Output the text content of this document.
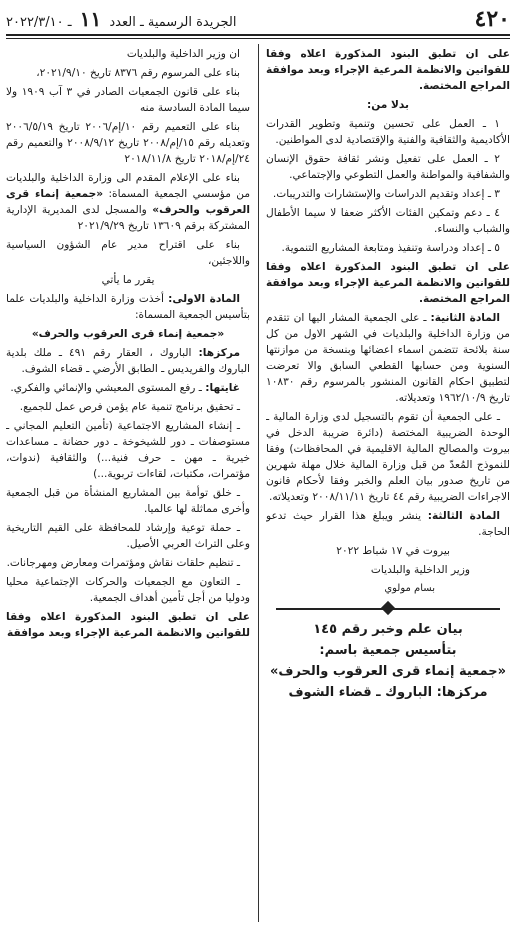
٤٢٠
الجريدة الرسمية ـ العدد ١١ ـ ٢٠٢٢/٣/١٠

على ان تطبق البنود المذكورة اعلاه وفقا للقوانين والانظمة المرعية الإجراء وبعد موافقة المراجع المختصة.

بدلا من:

١ ـ العمل على تحسين وتنمية وتطوير القدرات الأكاديمية والثقافية والفنية والإقتصادية لدى المواطنين.

٢ ـ العمل على تفعيل ونشر ثقافة حقوق الإنسان والشفافية والمواطنة والعمل التطوعي والإجتماعي.

٣ ـ إعداد وتقديم الدراسات والإستشارات والتدريبات.

٤ ـ دعم وتمكين الفئات الأكثر ضعفا لا سيما الأطفال والشباب والنساء.

٥ ـ إعداد ودراسة وتنفيذ ومتابعة المشاريع التنموية.

على ان تطبق البنود المذكورة اعلاه وفقا للقوانين والانظمة المرعية الإجراء وبعد موافقة المراجع المختصة.

المادة الثانية: ـ على الجمعية المشار اليها ان تتقدم من وزارة الداخلية والبلديات في الشهر الاول من كل سنة بلائحة تتضمن اسماء اعضائها وبنسخة من موازنتها السنوية ومن حسابها القطعي السابق والا تعرضت لتطبيق احكام القانون المنشور بالمرسوم رقم ١٠٨٣٠ تاريخ ١٩٦٢/١٠/٩ وتعديلاته.

ـ على الجمعية أن تقوم بالتسجيل لدى وزارة المالية ـ الوحدة الضريبية المختصة (دائرة ضريبة الدخل في بيروت والمصالح المالية الاقليمية في المحافظات) وفقا للنموذج المُعدّ من قبل وزارة المالية خلال مهلة شهرين من تاريخ صدور بيان العلم والخبر وفقا لأحكام قانون الاجراءات الضريبية رقم ٤٤ تاريخ ٢٠٠٨/١١/١١ وتعديلاته.

المادة الثالثة: ينشر ويبلغ هذا القرار حيث تدعو الحاجة.

بيروت في ١٧ شباط ٢٠٢٢

وزير الداخلية والبلديات

بسام مولوي

بيان علم وخبر رقم ١٤٥

بتأسيس جمعية باسم:

«جمعية إنماء قرى العرقوب والحرف»

مركزها: الباروك ـ قضاء الشوف

ان وزير الداخلية والبلديات

بناء على المرسوم رقم ٨٣٧٦ تاريخ ٢٠٢١/٩/١٠،

بناء على قانون الجمعيات الصادر في ٣ آب ١٩٠٩ ولا سيما المادة السادسة منه

بناء على التعميم رقم ١٠/إم/٢٠٠٦ تاريخ ٢٠٠٦/٥/١٩ وتعديله رقم ١٥/إم/٢٠٠٨ تاريخ ٢٠٠٨/٩/١٢ والتعميم رقم ٢٤/إم/٢٠١٨ تاريخ ٢٠١٨/١١/٨

بناء على الإعلام المقدم الى وزارة الداخلية والبلديات من مؤسسي الجمعية المسماة: «جمعية إنماء قرى العرقوب والحرف» والمسجل لدى المديرية الإدارية المشتركة برقم ١٣٦٠٩ تاريخ ٢٠٢١/٩/٢٩

بناء على اقتراح مدير عام الشؤون السياسية واللاجئين،

يقرر ما يأتي

المادة الاولى: أخذت وزارة الداخلية والبلديات علما بتأسيس الجمعية المسماة:

«جمعية إنماء قرى العرقوب والحرف»

مركزها: الباروك ، العقار رقم ٤٩١ ـ ملك بلدية الباروك والفريديس ـ الطابق الأرضي ـ قضاء الشوف.

غايتها: ـ رفع المستوى المعيشي والإنمائي والفكري.

ـ تحقيق برنامج تنمية عام يؤمن فرص عمل للجميع.

ـ إنشاء المشاريع الاجتماعية (تأمين التعليم المجاني ـ مستوصفات ـ دور للشيخوخة ـ دور حضانة ـ مساعدات خيرية ـ مهن ـ حرف فنية...) والثقافية (ندوات، مؤتمرات، مكتبات، لقاءات تربوية...)

ـ خلق توأمة بين المشاريع المنشأة من قبل الجمعية وأخرى مماثلة لها عالميا.

ـ حملة توعية وإرشاد للمحافظة على القيم التاريخية وعلى التراث العربي الأصيل.

ـ تنظيم حلقات نقاش ومؤتمرات ومعارض ومهرجانات.

ـ التعاون مع الجمعيات والحركات الإجتماعية محليا ودوليا من أجل تأمين أهداف الجمعية.

على ان تطبق البنود المذكورة اعلاه وفقا للقوانين والانظمة المرعية الإجراء وبعد موافقة
